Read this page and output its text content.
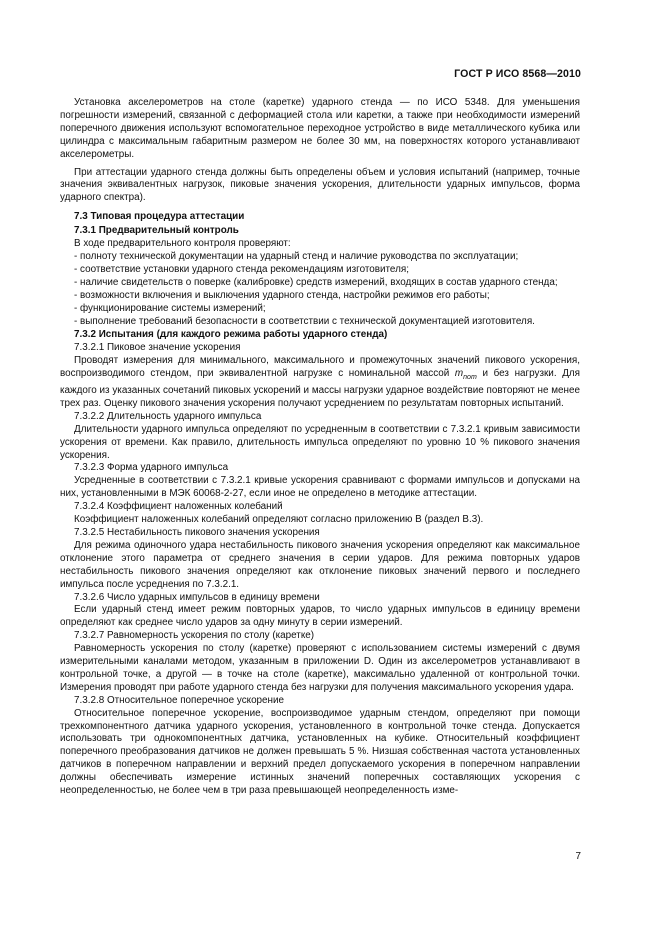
ГОСТ Р ИСО 8568—2010

Установка акселерометров на столе (каретке) ударного стенда — по ИСО 5348. Для уменьшения погрешности измерений, связанной с деформацией стола или каретки, а также при необходимости измерений поперечного движения используют вспомогательное переходное устройство в виде металлического кубика или цилиндра с максимальным габаритным размером не более 30 мм, на поверхностях которого устанавливают акселерометры.

При аттестации ударного стенда должны быть определены объем и условия испытаний (например, точные значения эквивалентных нагрузок, пиковые значения ускорения, длительности ударных импульсов, форма ударного спектра).

7.3 Типовая процедура аттестации

7.3.1 Предварительный контроль

В ходе предварительного контроля проверяют:

- полноту технической документации на ударный стенд и наличие руководства по эксплуатации;

- соответствие установки ударного стенда рекомендациям изготовителя;

- наличие свидетельств о поверке (калибровке) средств измерений, входящих в состав ударного стенда;

- возможности включения и выключения ударного стенда, настройки режимов его работы;

- функционирование системы измерений;

- выполнение требований безопасности в соответствии с технической документацией изготовителя.

7.3.2 Испытания (для каждого режима работы ударного стенда)

7.3.2.1 Пиковое значение ускорения

Проводят измерения для минимального, максимального и промежуточных значений пикового ускорения, воспроизводимого стендом, при эквивалентной нагрузке с номинальной массой $m_{nom}$ и без нагрузки. Для каждого из указанных сочетаний пиковых ускорений и массы нагрузки ударное воздействие повторяют не менее трех раз. Оценку пикового значения ускорения получают усреднением по результатам повторных испытаний.

7.3.2.2 Длительность ударного импульса

Длительности ударного импульса определяют по усредненным в соответствии с 7.3.2.1 кривым зависимости ускорения от времени. Как правило, длительность импульса определяют по уровню 10 % пикового значения ускорения.

7.3.2.3 Форма ударного импульса

Усредненные в соответствии с 7.3.2.1 кривые ускорения сравнивают с формами импульсов и допусками на них, установленными в МЭК 60068-2-27, если иное не определено в методике аттестации.

7.3.2.4 Коэффициент наложенных колебаний

Коэффициент наложенных колебаний определяют согласно приложению В (раздел В.3).

7.3.2.5 Нестабильность пикового значения ускорения

Для режима одиночного удара нестабильность пикового значения ускорения определяют как максимальное отклонение этого параметра от среднего значения в серии ударов. Для режима повторных ударов нестабильность пикового значения определяют как отклонение пиковых значений первого и последнего импульса после усреднения по 7.3.2.1.

7.3.2.6 Число ударных импульсов в единицу времени

Если ударный стенд имеет режим повторных ударов, то число ударных импульсов в единицу времени определяют как среднее число ударов за одну минуту в серии измерений.

7.3.2.7 Равномерность ускорения по столу (каретке)

Равномерность ускорения по столу (каретке) проверяют с использованием системы измерений с двумя измерительными каналами методом, указанным в приложении D. Один из акселерометров устанавливают в контрольной точке, а другой — в точке на столе (каретке), максимально удаленной от контрольной точки. Измерения проводят при работе ударного стенда без нагрузки для получения максимального ускорения удара.

7.3.2.8 Относительное поперечное ускорение

Относительное поперечное ускорение, воспроизводимое ударным стендом, определяют при помощи трехкомпонентного датчика ударного ускорения, установленного в контрольной точке стенда. Допускается использовать три однокомпонентных датчика, установленных на кубике. Относительный коэффициент поперечного преобразования датчиков не должен превышать 5 %. Низшая собственная частота установленных датчиков в поперечном направлении и верхний предел допускаемого ускорения в поперечном направлении должны обеспечивать измерение истинных значений поперечных составляющих ускорения с неопределенностью, не более чем в три раза превышающей неопределенность изме-

7
